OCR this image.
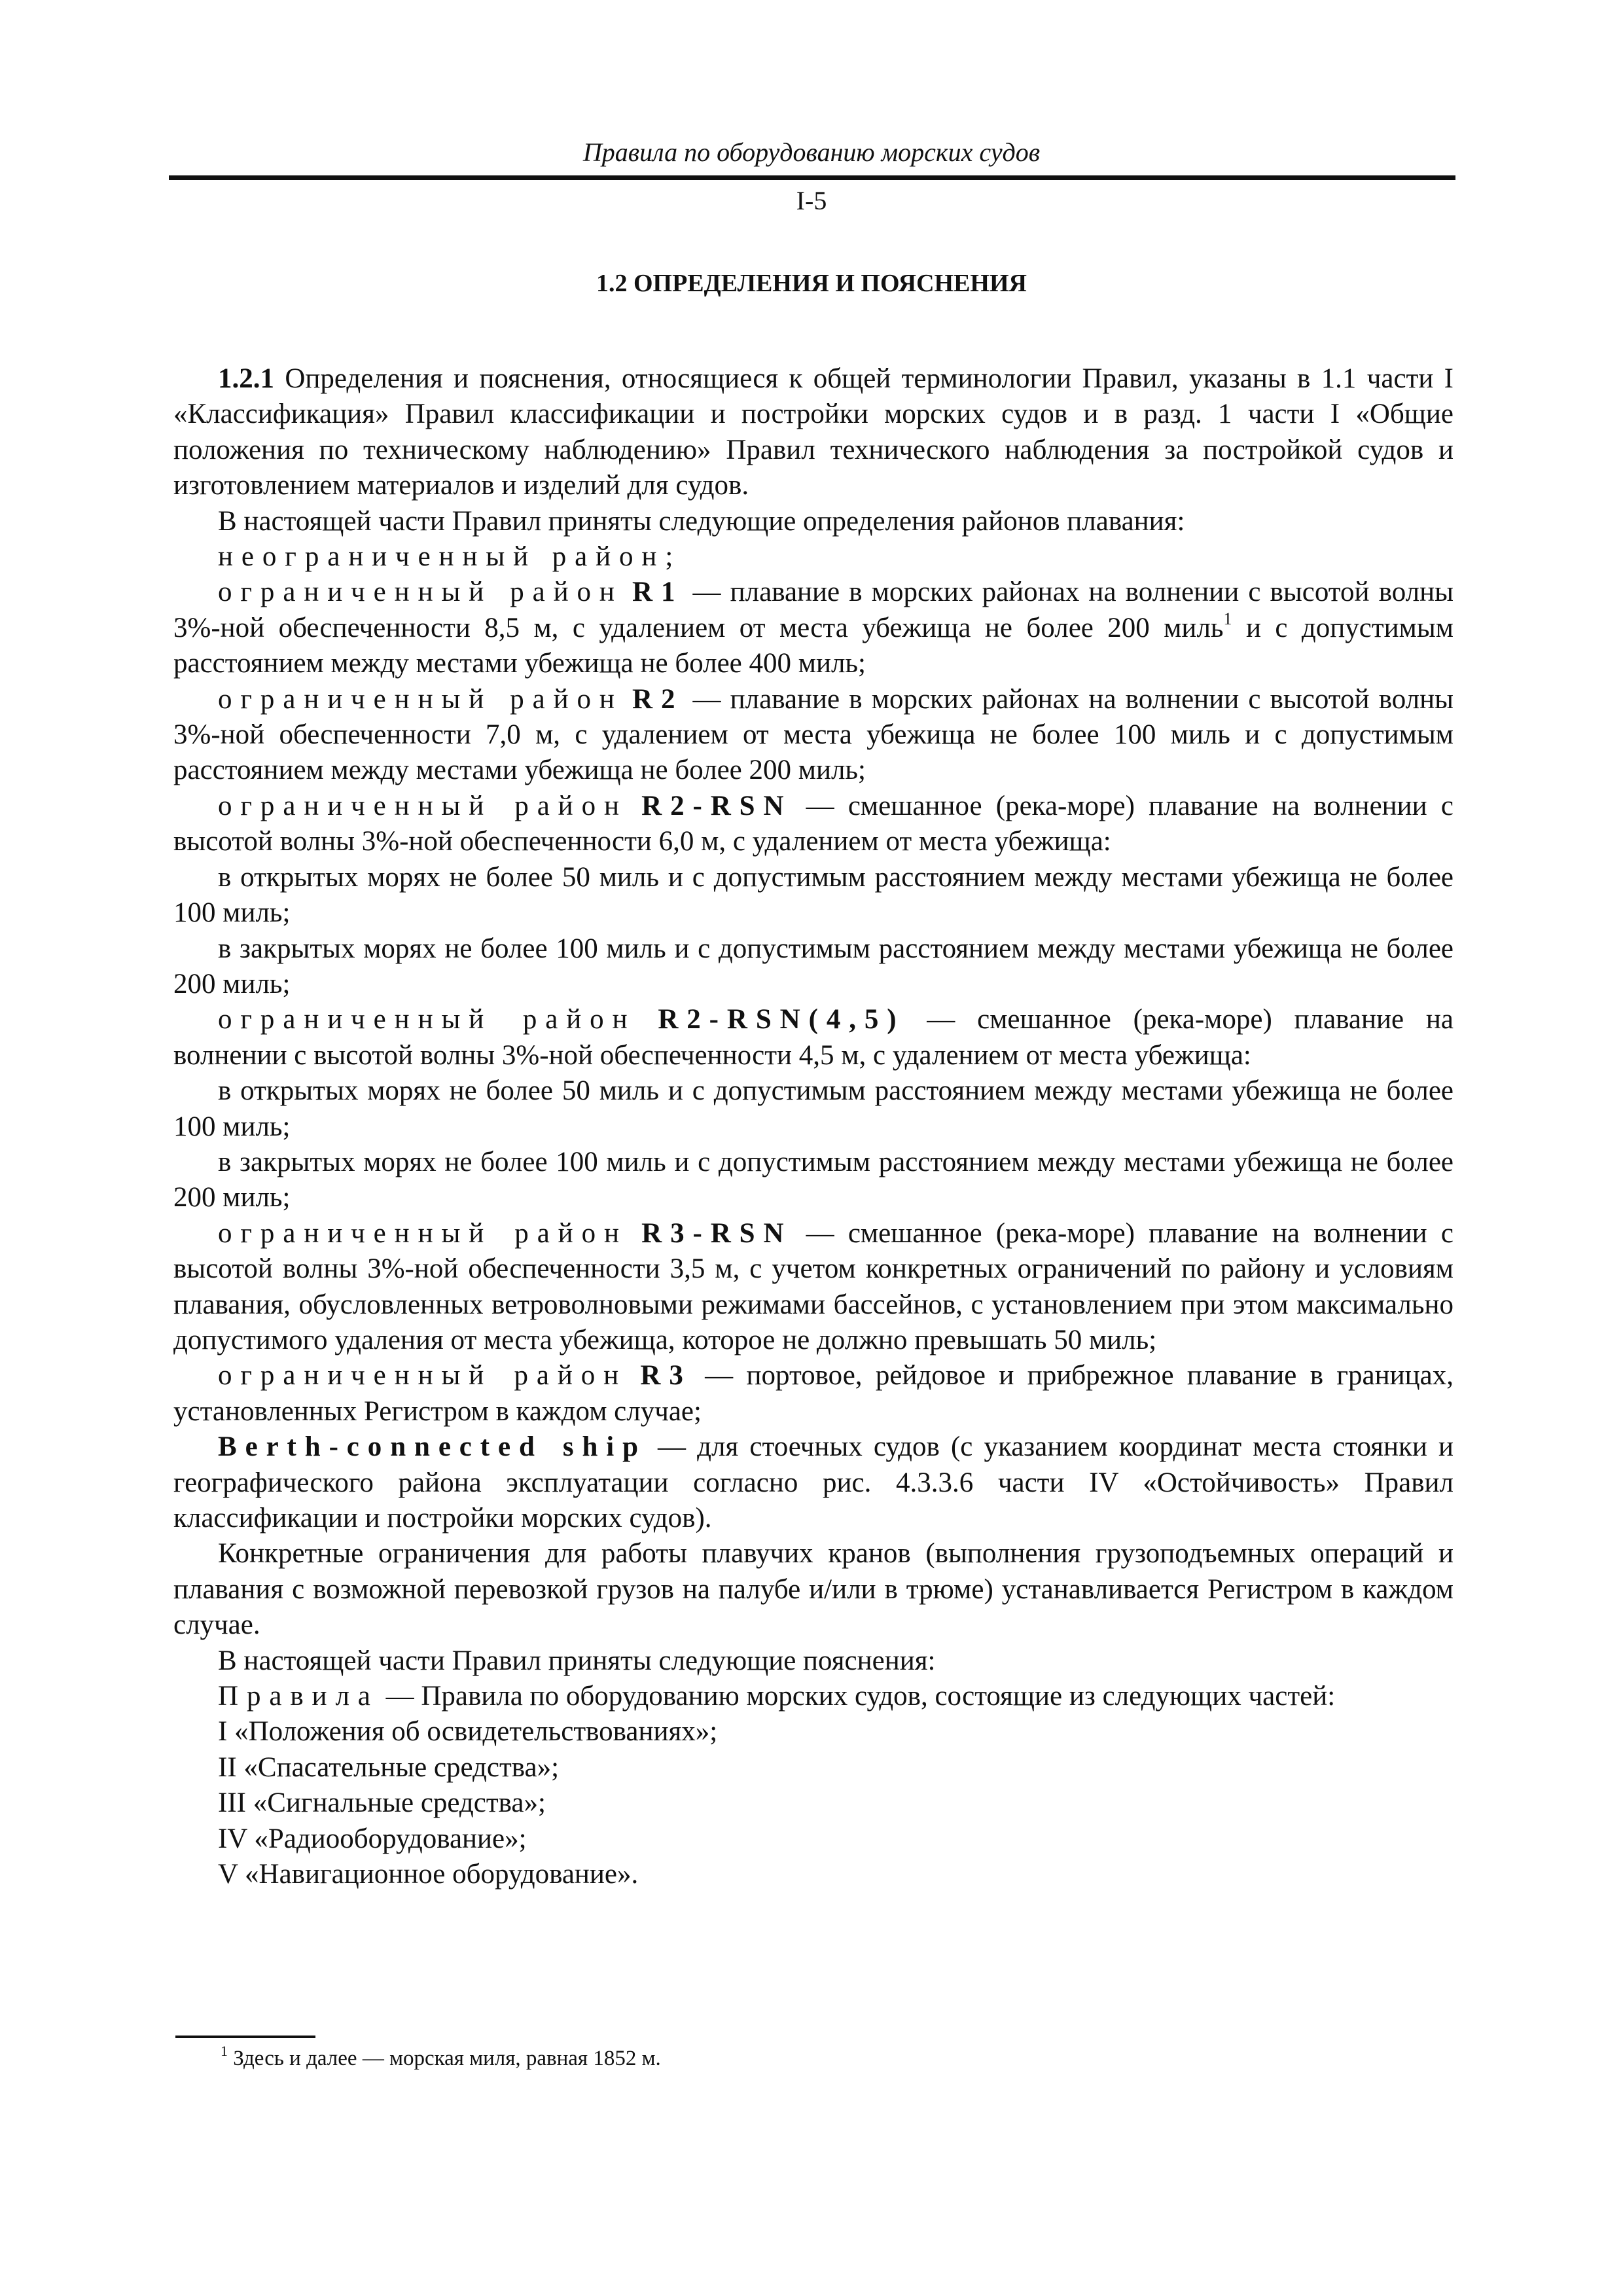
Правила по оборудованию морских судов
I-5
1.2 ОПРЕДЕЛЕНИЯ И ПОЯСНЕНИЯ

1.2.1 Определения и пояснения, относящиеся к общей терминологии Правил, указаны в 1.1 части I «Классификация» Правил классификации и постройки морских судов и в разд. 1 части I «Общие положения по техническому наблюдению» Правил технического наблюдения за постройкой судов и изготовлением материалов и изделий для судов.

В настоящей части Правил приняты следующие определения районов плавания:

неограниченный район;

ограниченный район R1 — плавание в морских районах на волнении с высотой волны 3%-ной обеспеченности 8,5 м, с удалением от места убежища не более 200 миль$^1$ и с допустимым расстоянием между местами убежища не более 400 миль;

ограниченный район R2 — плавание в морских районах на волнении с высотой волны 3%-ной обеспеченности 7,0 м, с удалением от места убежища не более 100 миль и с допустимым расстоянием между местами убежища не более 200 миль;

ограниченный район R2-RSN — смешанное (река-море) плавание на волнении с высотой волны 3%-ной обеспеченности 6,0 м, с удалением от места убежища:

в открытых морях не более 50 миль и с допустимым расстоянием между местами убежища не более 100 миль;

в закрытых морях не более 100 миль и с допустимым расстоянием между местами убежища не более 200 миль;

ограниченный район R2-RSN(4,5) — смешанное (река-море) плавание на волнении с высотой волны 3%-ной обеспеченности 4,5 м, с удалением от места убежища:

в открытых морях не более 50 миль и с допустимым расстоянием между местами убежища не более 100 миль;

в закрытых морях не более 100 миль и с допустимым расстоянием между местами убежища не более 200 миль;

ограниченный район R3-RSN — смешанное (река-море) плавание на волнении с высотой волны 3%-ной обеспеченности 3,5 м, с учетом конкретных ограничений по району и условиям плавания, обусловленных ветроволновыми режимами бассейнов, с установлением при этом максимально допустимого удаления от места убежища, которое не должно превышать 50 миль;

ограниченный район R3 — портовое, рейдовое и прибрежное плавание в границах, установленных Регистром в каждом случае;

Berth-connected ship — для стоечных судов (с указанием координат места стоянки и географического района эксплуатации согласно рис. 4.3.3.6 части IV «Остойчивость» Правил классификации и постройки морских судов).

Конкретные ограничения для работы плавучих кранов (выполнения грузоподъемных операций и плавания с возможной перевозкой грузов на палубе и/или в трюме) устанавливается Регистром в каждом случае.

В настоящей части Правил приняты следующие пояснения:

Правила — Правила по оборудованию морских судов, состоящие из следующих частей:

I «Положения об освидетельствованиях»;

II «Спасательные средства»;

III «Сигнальные средства»;

IV «Радиооборудование»;

V «Навигационное оборудование».

$^1$ Здесь и далее — морская миля, равная 1852 м.
